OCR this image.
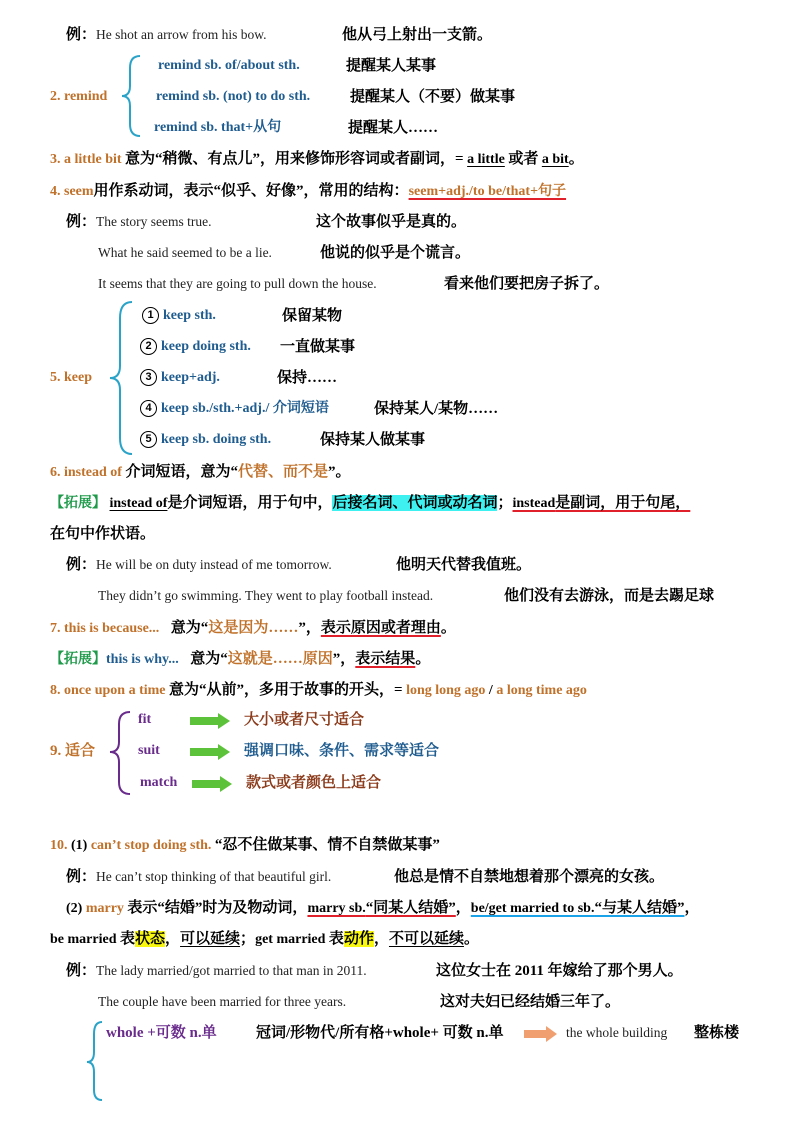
例：He shot an arrow from his bow.	他从弓上射出一支箭。
2. remind
remind sb. of/about sth.	提醒某人某事
remind sb. (not) to do sth.	提醒某人（不要）做某事
remind sb. that+从句	提醒某人……
3. a little bit 意为“稍微、有点儿”，用来修饰形容词或者副词，= a little 或者 a bit。
4. seem用作系动词，表示“似乎、好像”，常用的结构：seem+adj./to be/that+句子
例：The story seems true.	这个故事似乎是真的。
What he said seemed to be a lie.	他说的似乎是个谎言。
It seems that they are going to pull down the house.	看来他们要把房子拆了。
5. keep
1 keep sth.	保留某物
2 keep doing sth. 一直做某事
3 keep+adj.	保持……
4 keep sb./sth.+adj./ 介词短语	保持某人/某物……
5 keep sb. doing sth.	保持某人做某事
6. instead of 介词短语，意为“代替、而不是”。
【拓展】 instead of是介词短语，用于句中，后接名词、代词或动名词；instead是副词，用于句尾，
在句中作状语。
例：He will be on duty instead of me tomorrow.	他明天代替我值班。
They didn’t go swimming. They went to play football instead.	他们没有去游泳，而是去踢足球
7. this is because... 意为“这是因为……”，表示原因或者理由。
【拓展】this is why... 意为“这就是……原因”，表示结果。
8. once upon a time 意为“从前”，多用于故事的开头，= long long ago / a long time ago
9. 适合
fit	大小或者尺寸适合
suit	强调口味、条件、需求等适合
match	款式或者颜色上适合
10. (1) can’t stop doing sth. “忍不住做某事、情不自禁做某事”
例：He can’t stop thinking of that beautiful girl.	他总是情不自禁地想着那个漂亮的女孩。
(2) marry 表示“结婚”时为及物动词，marry sb.“同某人结婚”，be/get married to sb.“与某人结婚”，
be married 表状态，可以延续；get married 表动作，不可以延续。
例：The lady married/got married to that man in 2011.	这位女士在 2011 年嫁给了那个男人。
The couple have been married for three years.	这对夫妇已经结婚三年了。
whole +可数 n.单	冠词/形物代/所有格+whole+ 可数 n.单	the whole building 整栋楼
